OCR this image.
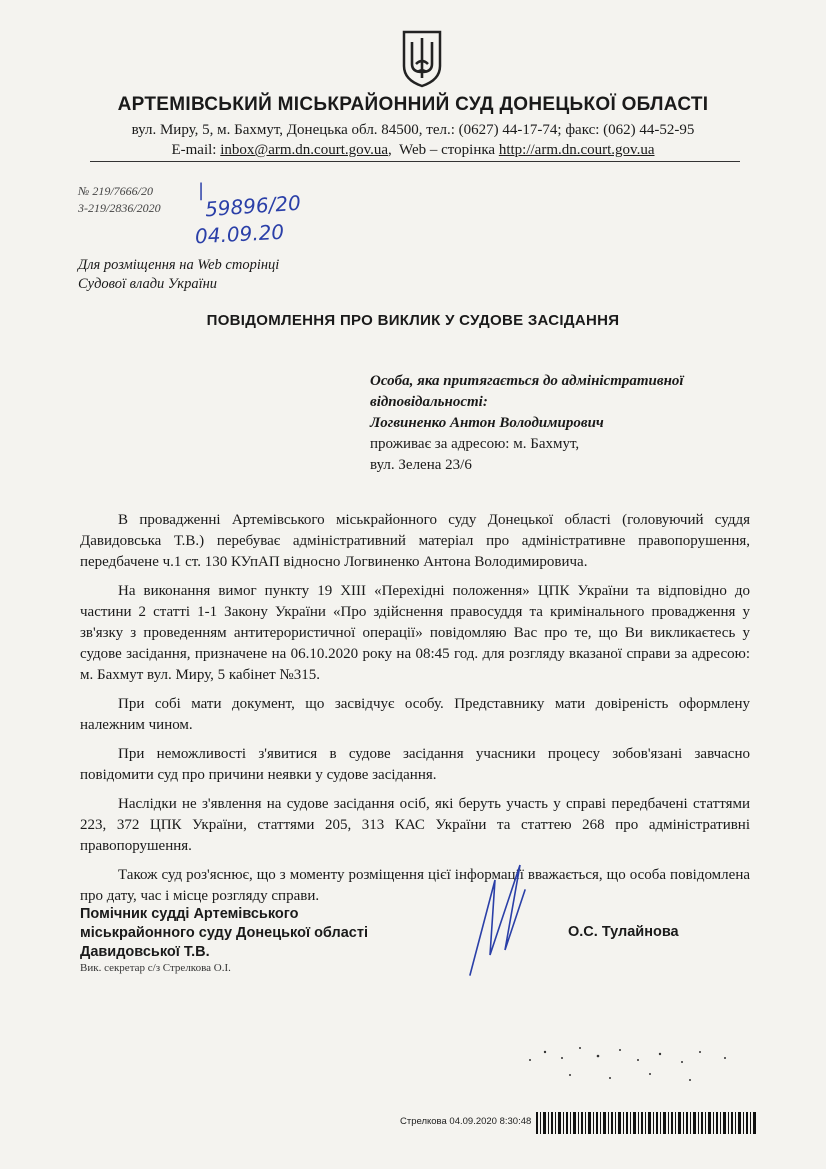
АРТЕМІВСЬКИЙ МІСЬКРАЙОННИЙ СУД ДОНЕЦЬКОЇ ОБЛАСТІ
вул. Миру, 5, м. Бахмут, Донецька обл. 84500, тел.: (0627) 44-17-74; факс: (062) 44-52-95
E-mail: inbox@arm.dn.court.gov.ua,  Web – сторінка http://arm.dn.court.gov.ua
№ 219/7666/20
3-219/2836/2020
|
59896/20
04.09.20
Для розміщення на Web сторінці
Судової влади України
ПОВІДОМЛЕННЯ ПРО ВИКЛИК У СУДОВЕ ЗАСІДАННЯ
Особа, яка притягається до адміністративної відповідальності:
Логвиненко Антон Володимирович
проживає за адресою: м. Бахмут,
вул. Зелена 23/6

В провадженні Артемівського міськрайонного суду Донецької області (головуючий суддя Давидовська Т.В.) перебуває адміністративний матеріал про адміністративне правопорушення, передбачене ч.1 ст. 130 КУпАП відносно Логвиненко Антона Володимировича.

На виконання вимог пункту 19 XIII «Перехідні положення» ЦПК України та відповідно до частини 2 статті 1-1 Закону України «Про здійснення правосуддя та кримінального провадження у зв'язку з проведенням антитерористичної операції» повідомляю Вас про те, що Ви викликаєтесь у судове засідання, призначене на 06.10.2020 року на 08:45 год. для розгляду вказаної справи за адресою: м. Бахмут вул. Миру, 5 кабінет №315.

При собі мати документ, що засвідчує особу. Представнику мати довіреність оформлену належним чином.

При неможливості з'явитися в судове засідання учасники процесу зобов'язані завчасно повідомити суд про причини неявки у судове засідання.

Наслідки не з'явлення на судове засідання осіб, які беруть участь у справі передбачені статтями 223, 372 ЦПК України, статтями 205, 313 КАС України та статтею 268 про адміністративні правопорушення.

Також суд роз'яснює, що з моменту розміщення цієї інформації вважається, що особа повідомлена про дату, час і місце розгляду справи.

Помічник судді Артемівського
міськрайонного суду Донецької області
Давидовської Т.В.
Вик. секретар с/з Стрелкова О.І.
О.С. Тулайнова
Стрелкова 04.09.2020 8:30:48
